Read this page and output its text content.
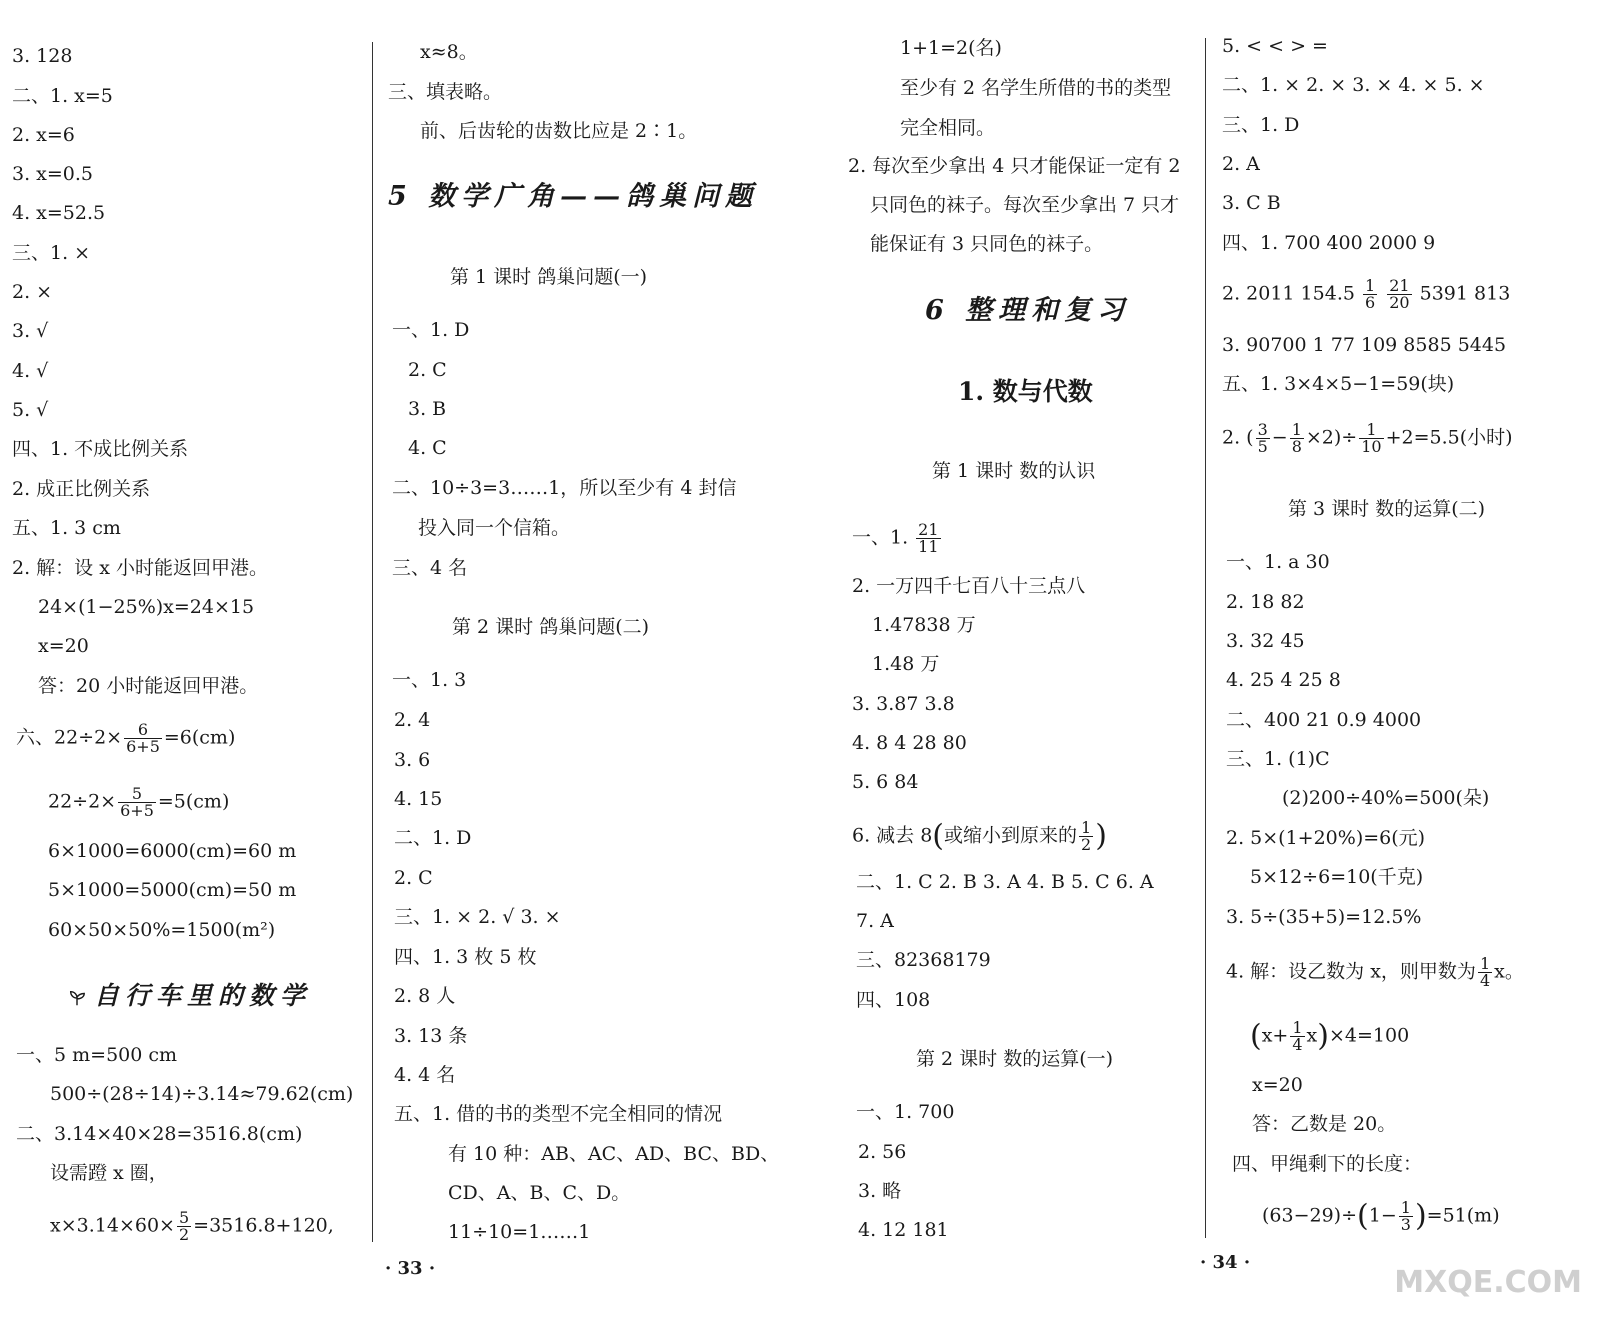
3. 128
二、1. x=5
2. x=6
3. x=0.5
4. x=52.5
三、1. ×
2. ×
3. √
4. √
5. √
四、1. 不成比例关系
2. 成正比例关系
五、1. 3 cm
2. 解：设 x 小时能返回甲港。
24×(1−25%)x=24×15
x=20
答：20 小时能返回甲港。
六、$22\div 2\times \frac{6}{6+5} =6(cm)$
$22\div 2\times \frac{5}{6+5} =5(cm)$
6×1000=6000(cm)=60 m
5×1000=5000(cm)=50 m
60×50×50%=1500(m²)
自行车里的数学
一、5 m=500 cm
500÷(28÷14)÷3.14≈79.62(cm)
二、3.14×40×28=3516.8(cm)
设需蹬 x 圈，
$x\times 3.14\times 60\times \frac{5}{2} =3516.8+120$,
x≈8。
三、填表略。
前、后齿轮的齿数比应是 2∶1。
5 数学广角——鸽巢问题
第 1 课时 鸽巢问题(一)
一、1. D
2. C
3. B
4. C
二、10÷3=3……1，所以至少有 4 封信
投入同一个信箱。
三、4 名
第 2 课时 鸽巢问题(二)
一、1. 3
2. 4
3. 6
4. 15
二、1. D
2. C
三、1. × 2. √ 3. ×
四、1. 3 枚 5 枚
2. 8 人
3. 13 条
4. 4 名
五、1. 借的书的类型不完全相同的情况
有 10 种：AB、AC、AD、BC、BD、
CD、A、B、C、D。
11÷10=1……1
· 33 ·
1+1=2(名)
至少有 2 名学生所借的书的类型
完全相同。
2. 每次至少拿出 4 只才能保证一定有 2
只同色的袜子。每次至少拿出 7 只才
能保证有 3 只同色的袜子。
6 整理和复习
1. 数与代数
第 1 课时 数的认识
一、1. $\frac{21}{11}$
2. 一万四千七百八十三点八
1.47838 万
1.48 万
3. 3.87 3.8
4. 8 4 28 80
5. 6 84
6. 减去 8(或缩小到原来的 $\frac{1}{2}$ )
二、1. C 2. B 3. A 4. B 5. C 6. A
7. A
三、82368179
四、108
第 2 课时 数的运算(一)
一、1. 700
2. 56
3. 略
4. 12 181
5. < < > =
二、1. × 2. × 3. × 4. × 5. ×
三、1. D
2. A
3. C B
四、1. 700 400 2000 9
2. 2011 $154.5 \frac{1}{6}$
$\frac{21}{20} 5391$ 813
3. 90700 1 77 109 8585 5445
五、1. 3×4×5−1=59(块)
2. ( $\frac{3}{5} - \frac{1}{8} \times 2)\div \frac{1}{10} +2=5.5$(小时)
第 3 课时 数的运算(二)
一、1. a 30
2. 18 82
3. 32 45
4. 25 4 25 8
二、400 21 0.9 4000
三、1. (1)C
(2)200÷40%=500(朵)
2. 5×(1+20%)=6(元)
5×12÷6=10(千克)
3. 5÷(35+5)=12.5%
4. 解：设乙数为 x，则甲数为 $\frac{1}{4}$ x。
$(x+ \frac{1}{4} x)\times 4=100$
x=20
答：乙数是 20。
四、甲绳剩下的长度：
$(63-29)\div(1- \frac{1}{3} )=51(m)$
· 34 ·
MXQE.COM
